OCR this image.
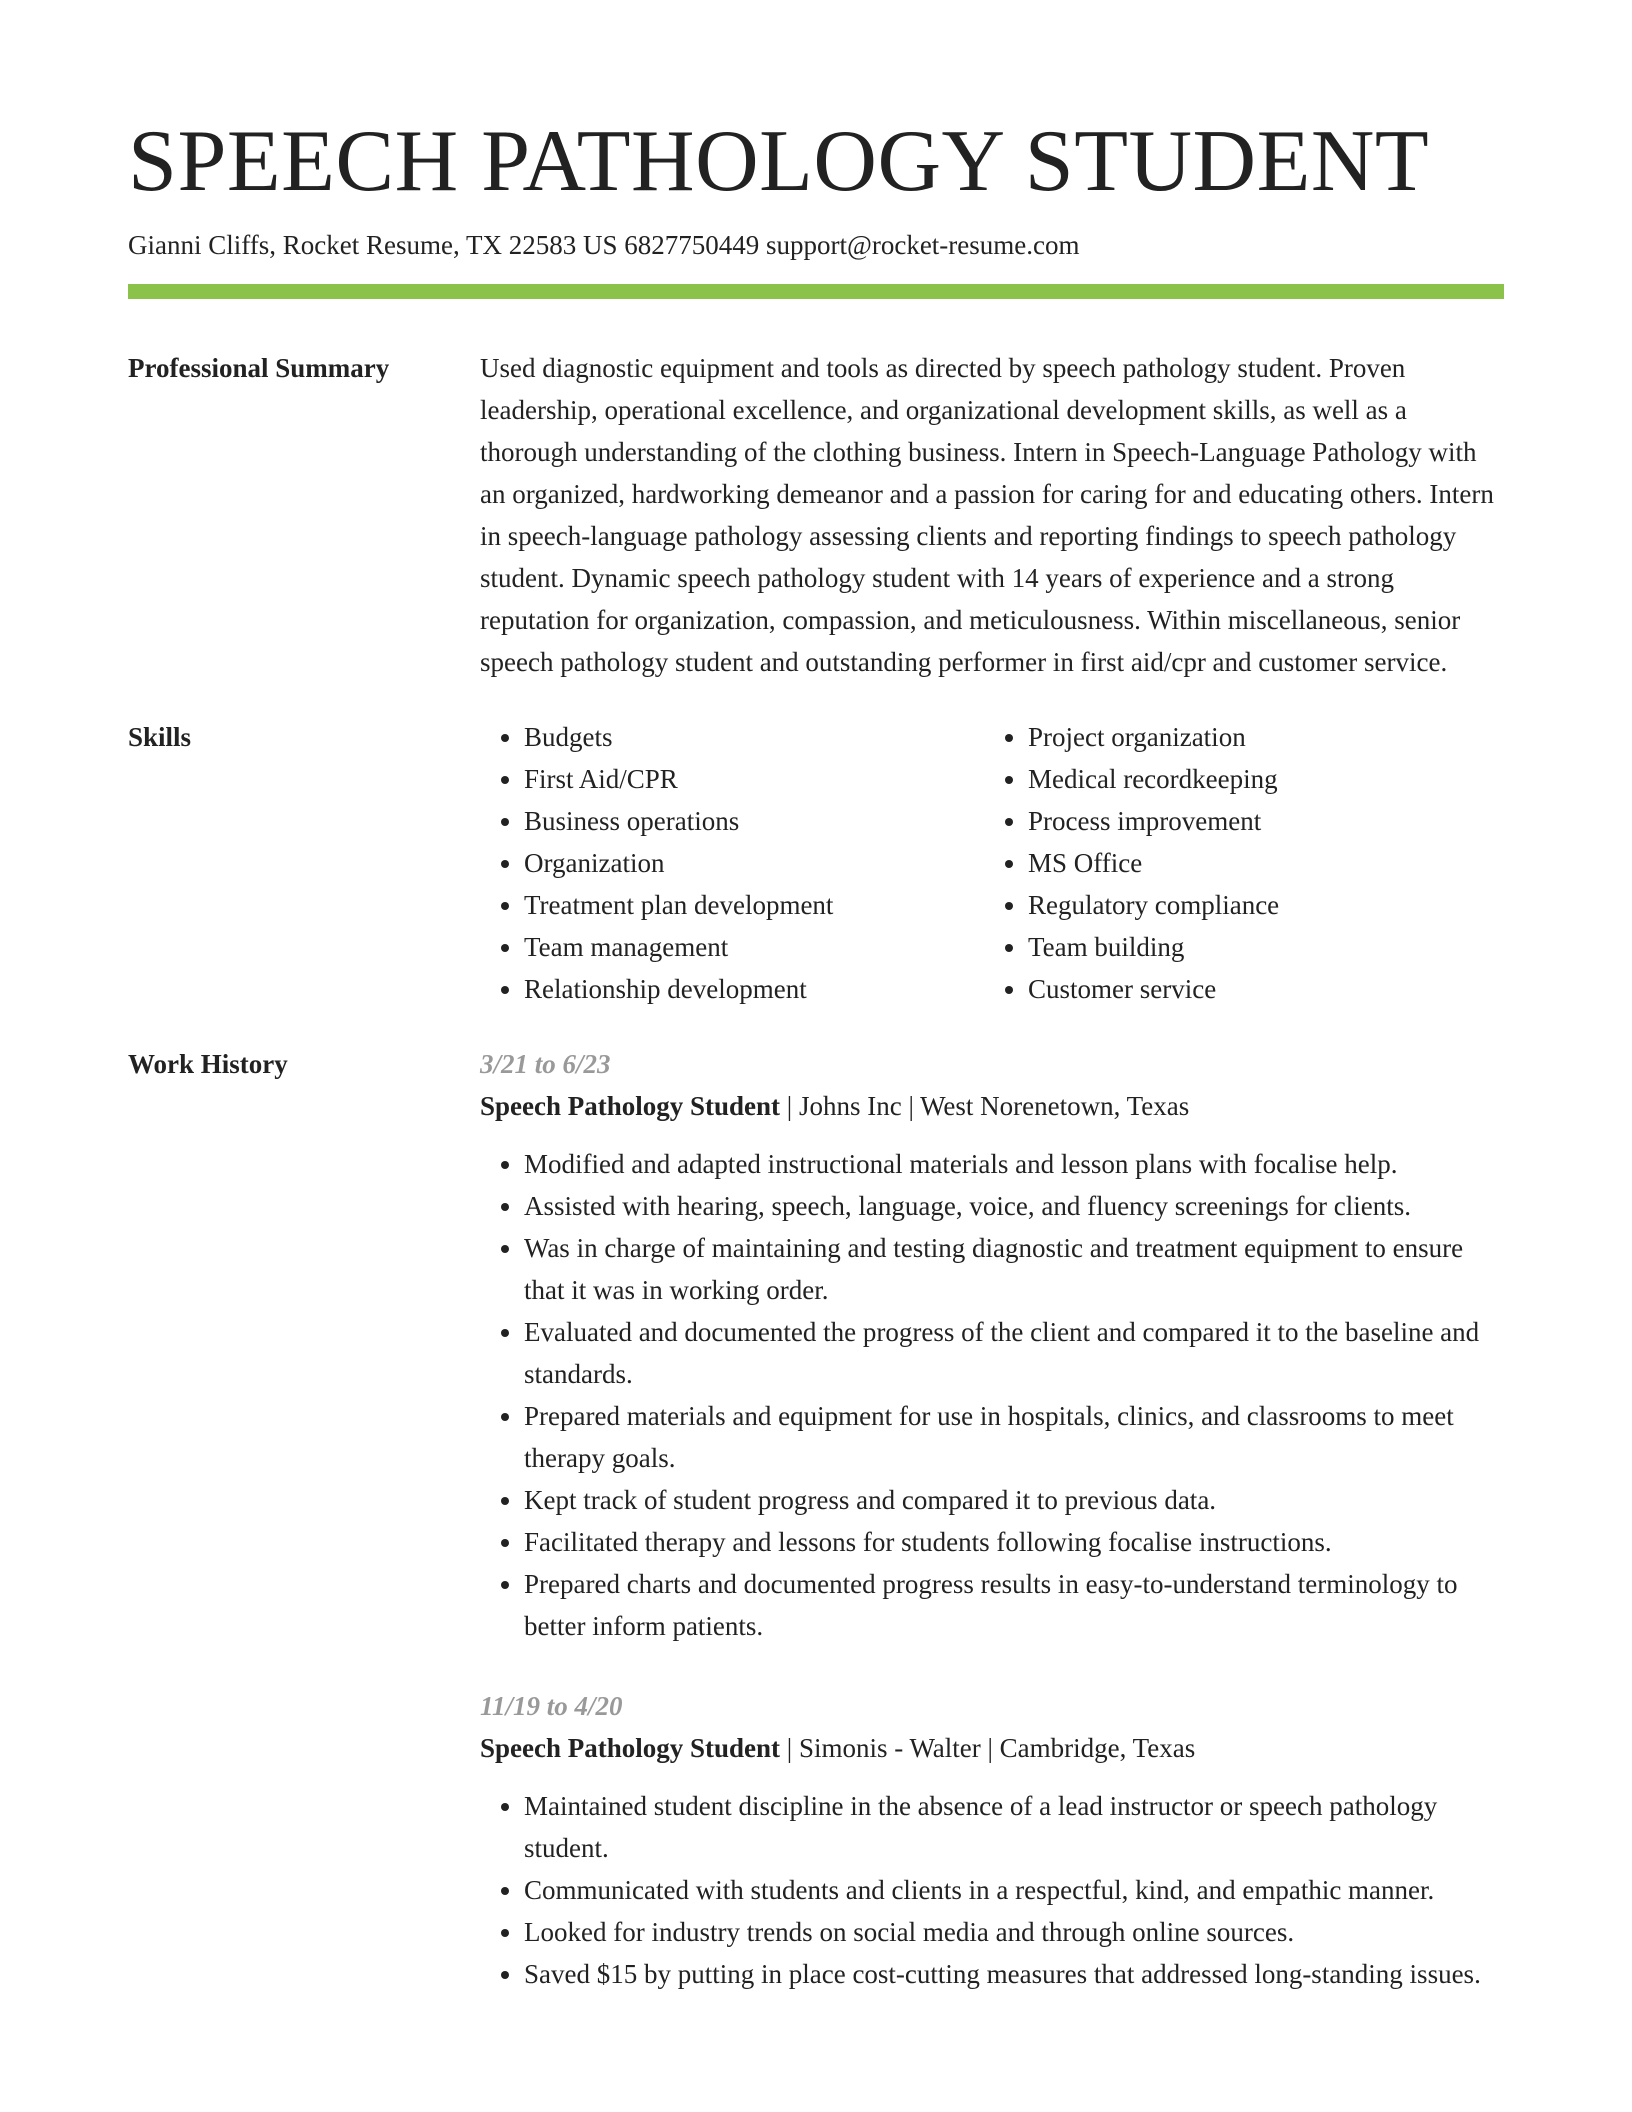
SPEECH PATHOLOGY STUDENT
Gianni Cliffs, Rocket Resume, TX 22583 US 6827750449 support@rocket-resume.com
Professional Summary	Used diagnostic equipment and tools as directed by speech pathology student. Proven leadership, operational excellence, and organizational development skills, as well as a thorough understanding of the clothing business. Intern in Speech-Language Pathology with an organized, hardworking demeanor and a passion for caring for and educating others. Intern in speech-language pathology assessing clients and reporting findings to speech pathology student. Dynamic speech pathology student with 14 years of experience and a strong reputation for organization, compassion, and meticulousness. Within miscellaneous, senior speech pathology student and outstanding performer in first aid/cpr and customer service.
Skills
•	Budgets
• First Aid/CPR
• Business operations
• Organization
• Treatment plan development
• Team management
• Relationship development
• Project organization
• Medical recordkeeping
• Process improvement
• MS Office
• Regulatory compliance
• Team building
• Customer service
Work History	3/21 to 6/23
Speech Pathology Student | Johns Inc | West Norenetown, Texas
• Modified and adapted instructional materials and lesson plans with focalise help.
• Assisted with hearing, speech, language, voice, and fluency screenings for clients.
• Was in charge of maintaining and testing diagnostic and treatment equipment to ensure that it was in working order.
• Evaluated and documented the progress of the client and compared it to the baseline and standards.
• Prepared materials and equipment for use in hospitals, clinics, and classrooms to meet therapy goals.
• Kept track of student progress and compared it to previous data.
• Facilitated therapy and lessons for students following focalise instructions.
• Prepared charts and documented progress results in easy-to-understand terminology to better inform patients.
11/19 to 4/20
Speech Pathology Student | Simonis - Walter | Cambridge, Texas
• Maintained student discipline in the absence of a lead instructor or speech pathology student.
• Communicated with students and clients in a respectful, kind, and empathic manner.
• Looked for industry trends on social media and through online sources.
• Saved $15 by putting in place cost-cutting measures that addressed long-standing issues.
